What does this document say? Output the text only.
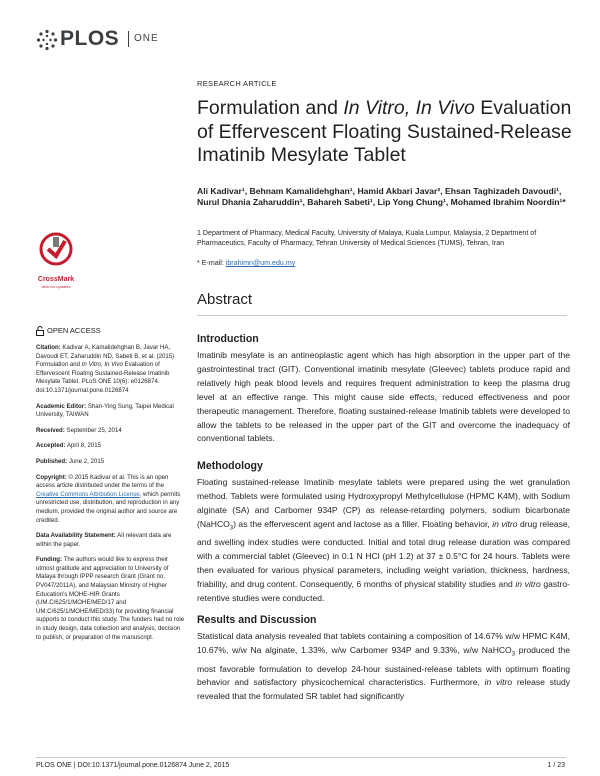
PLOS ONE
CrossMark
click for updates

OPEN ACCESS

Citation: Kadivar A, Kamalidehghan B, Javar HA, Davoudi ET, Zaharuddin ND, Sabeti B, et al. (2015) Formulation and In Vitro, In Vivo Evaluation of Effervescent Floating Sustained-Release Imatinib Mesylate Tablet. PLoS ONE 10(6): e0126874. doi:10.1371/journal.pone.0126874

Academic Editor: Shan-Ying Sung, Taipei Medical University, TAIWAN

Received: September 25, 2014

Accepted: April 8, 2015

Published: June 2, 2015

Copyright: © 2015 Kadivar et al. This is an open access article distributed under the terms of the Creative Commons Attribution License, which permits unrestricted use, distribution, and reproduction in any medium, provided the original author and source are credited.

Data Availability Statement: All relevant data are within the paper.

Funding: The authors would like to express their utmost gratitude and appreciation to University of Malaya through IPPP research Grant (Grant no. PV047/2011A), and Malaysian Ministry of Higher Education's MOHE-HIR Grants (UM.C/625/1/MOHE/MED/17 and UM.C/625/1/MOHE/MED/33) for providing financial supports to conduct this study. The funders had no role in study design, data collection and analysis, decision to publish, or preparation of the manuscript.

RESEARCH ARTICLE
Formulation and In Vitro, In Vivo Evaluation of Effervescent Floating Sustained-Release Imatinib Mesylate Tablet
Ali Kadivar¹, Behnam Kamalidehghan¹, Hamid Akbari Javar², Ehsan Taghizadeh Davoudi¹, Nurul Dhania Zaharuddin¹, Bahareh Sabeti¹, Lip Yong Chung¹, Mohamed Ibrahim Noordin¹*
1 Department of Pharmacy, Medical Faculty, University of Malaya, Kuala Lumpur, Malaysia, 2 Department of Pharmaceutics, Faculty of Pharmacy, Tehran University of Medical Sciences (TUMS), Tehran, Iran
* E-mail: ibrahimn@um.edu.my
Abstract
Introduction

Imatinib mesylate is an antineoplastic agent which has high absorption in the upper part of the gastrointestinal tract (GIT). Conventional imatinib mesylate (Gleevec) tablets produce rapid and relatively high peak blood levels and requires frequent administration to keep the plasma drug level at an effective range. This might cause side effects, reduced effectiveness and poor therapeutic management. Therefore, floating sustained-release Imatinib tablets were developed to allow the tablets to be released in the upper part of the GIT and overcome the inadequacy of conventional tablets.

Methodology

Floating sustained-release Imatinib mesylate tablets were prepared using the wet granulation method. Tablets were formulated using Hydroxypropyl Methylcellulose (HPMC K4M), with Sodium alginate (SA) and Carbomer 934P (CP) as release-retarding polymers, sodium bicarbonate (NaHCO$_3$) as the effervescent agent and lactose as a filler. Floating behavior, in vitro drug release, and swelling index studies were conducted. Initial and total drug release duration was compared with a commercial tablet (Gleevec) in 0.1 N HCl (pH 1.2) at 37 ± 0.5°C for 24 hours. Tablets were then evaluated for various physical parameters, including weight variation, thickness, hardness, friability, and drug content. Consequently, 6 months of physical stability studies and in vitro gastro-retentive studies were conducted.

Results and Discussion

Statistical data analysis revealed that tablets containing a composition of 14.67% w/w HPMC K4M, 10.67%, w/w Na alginate, 1.33%, w/w Carbomer 934P and 9.33%, w/w NaHCO$_3$ produced the most favorable formulation to develop 24-hour sustained-release tablets with optimum floating behavior and satisfactory physicochemical characteristics. Furthermore, in vitro release study revealed that the formulated SR tablet had significantly

PLOS ONE | DOI:10.1371/journal.pone.0126874 June 2, 2015	1 / 23
